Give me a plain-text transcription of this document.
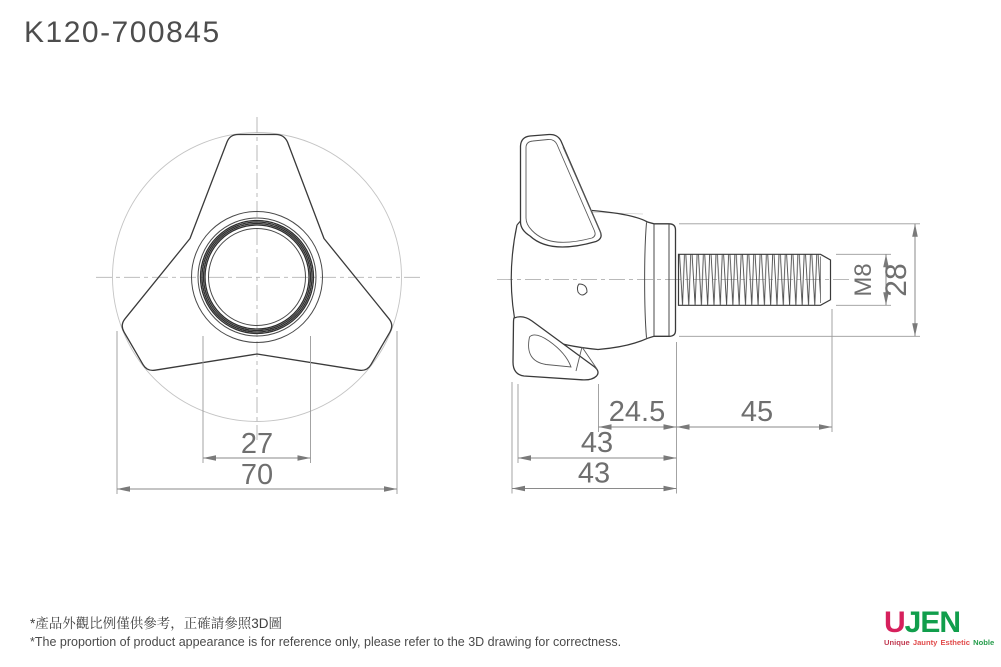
K120-700845
27
70
24.5	45
43
43
M8 28

*產品外觀比例僅供參考，正確請參照3D圖

*The proportion of product appearance is for reference only, please refer to the 3D drawing for correctness.

UJEN
Unique Jaunty Esthetic Noble
